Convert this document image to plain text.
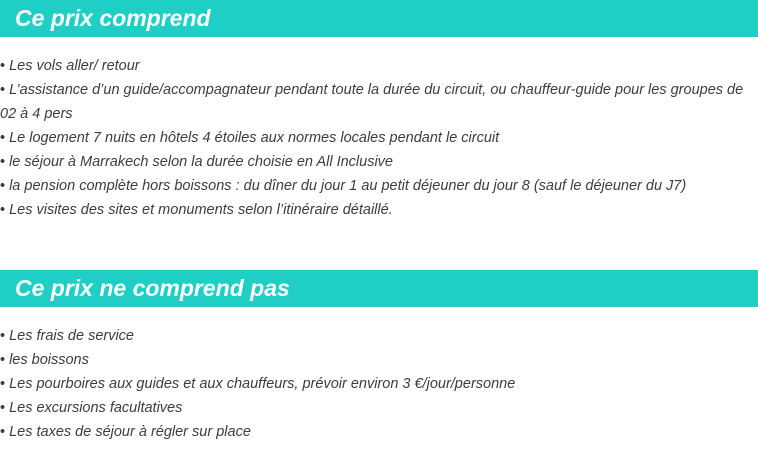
Ce prix comprend
• Les vols aller/ retour
• L’assistance d’un guide/accompagnateur pendant toute la durée du circuit, ou chauffeur-guide pour les groupes de 02 à 4 pers
• Le logement 7 nuits en hôtels 4 étoiles aux normes locales pendant le circuit
• le séjour à Marrakech selon la durée choisie en All Inclusive
• la pension complète hors boissons : du dîner du jour 1 au petit déjeuner du jour 8 (sauf le déjeuner du J7)
• Les visites des sites et monuments selon l’itinéraire détaillé.
Ce prix ne comprend pas
• Les frais de service
• les boissons
• Les pourboires aux guides et aux chauffeurs, prévoir environ 3 €/jour/personne
• Les excursions facultatives
• Les taxes de séjour à régler sur place
